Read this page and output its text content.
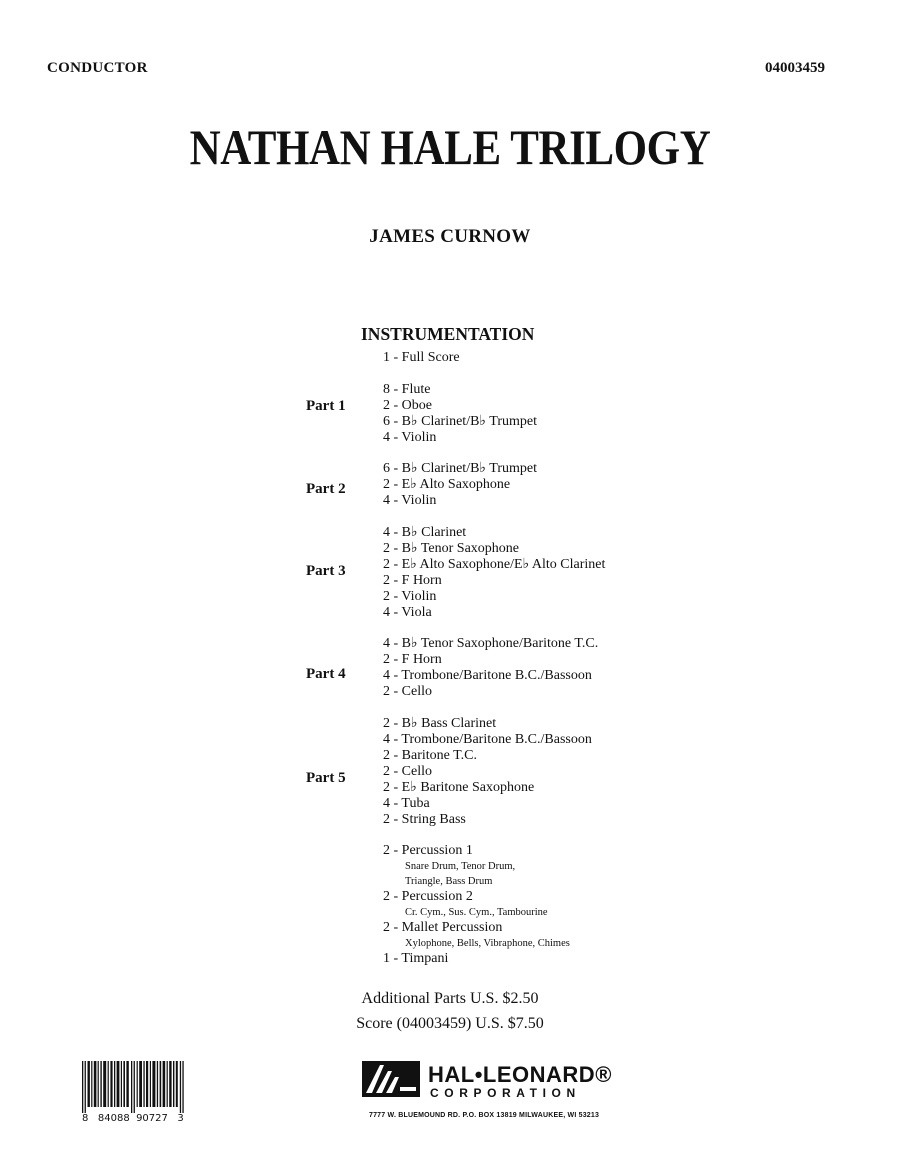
CONDUCTOR	04003459
NATHAN HALE TRILOGY
JAMES CURNOW
INSTRUMENTATION
1 - Full Score
Part 1
8 - Flute
2 - Oboe
6 - B♭ Clarinet/B♭ Trumpet
4 - Violin
Part 2
6 - B♭ Clarinet/B♭ Trumpet
2 - E♭ Alto Saxophone
4 - Violin
Part 3
4 - B♭ Clarinet
2 - B♭ Tenor Saxophone
2 - E♭ Alto Saxophone/E♭ Alto Clarinet
2 - F Horn
2 - Violin
4 - Viola
Part 4
4 - B♭ Tenor Saxophone/Baritone T.C.
2 - F Horn
4 - Trombone/Baritone B.C./Bassoon
2 - Cello
Part 5
2 - B♭ Bass Clarinet
4 - Trombone/Baritone B.C./Bassoon
2 - Baritone T.C.
2 - Cello
2 - E♭ Baritone Saxophone
4 - Tuba
2 - String Bass
2 - Percussion 1
Snare Drum, Tenor Drum,
Triangle, Bass Drum
2 - Percussion 2
Cr. Cym., Sus. Cym., Tambourine
2 - Mallet Percussion
Xylophone, Bells, Vibraphone, Chimes
1 - Timpani
Additional Parts U.S. $2.50
Score (04003459) U.S. $7.50
8   84088  90727   3
HAL•LEONARD®
CORPORATION
7777 W. BLUEMOUND RD. P.O. BOX 13819 MILWAUKEE, WI 53213
